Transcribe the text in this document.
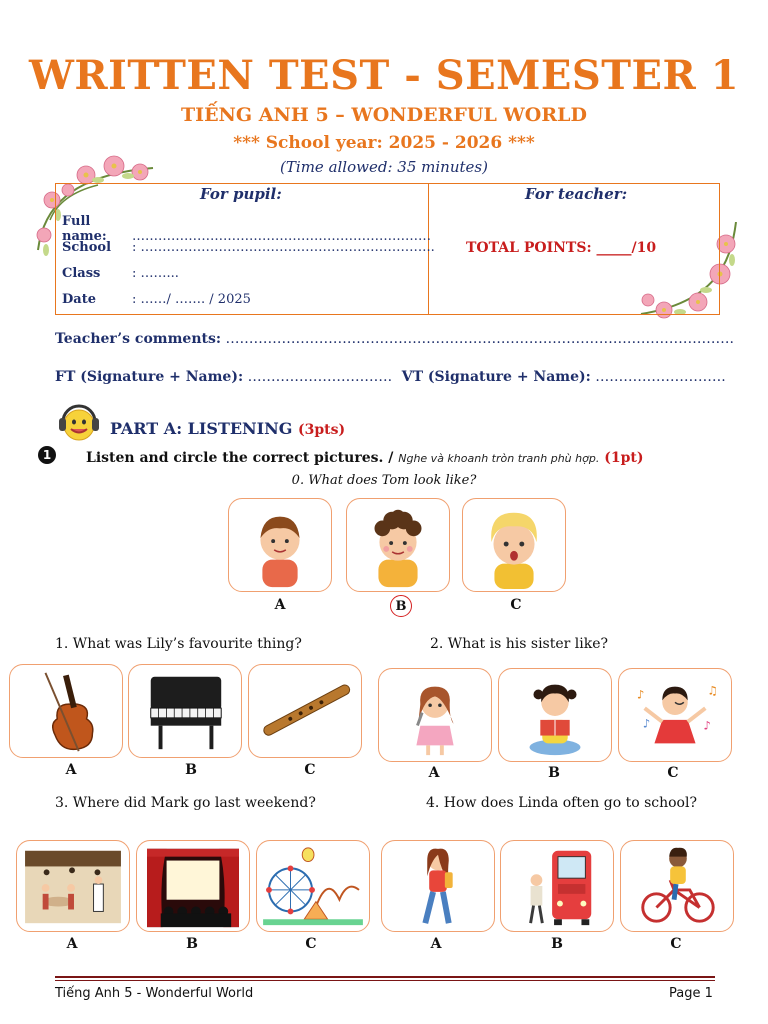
WRITTEN TEST - SEMESTER 1
TIẾNG ANH 5 – WONDERFUL WORLD
*** School year: 2025 - 2026 ***
(Time allowed: 35 minutes)
For pupil:	For teacher:
Full name: ……………………………………………………………
School : …………………………………………………………..
Class : ……...
Date	: ……/ ……. / 2025
TOTAL POINTS: _____/10
Teacher’s comments: ……………………………………………………………………………………………….
FT (Signature + Name): …………………………. VT (Signature + Name): ……………………….
PART A: LISTENING (3pts)
1	Listen and circle the correct pictures. / Nghe và khoanh tròn tranh phù hợp. (1pt)
0. What does Tom look like?
A	B	C
1. What was Lily’s favourite thing?	2. What is his sister like?
A	B	C
♪	♫
♪	♪
A	B	C
3. Where did Mark go last weekend?	4. How does Linda often go to school?
A	B	C	A	B	C
Tiếng Anh 5 - Wonderful World	Page 1
